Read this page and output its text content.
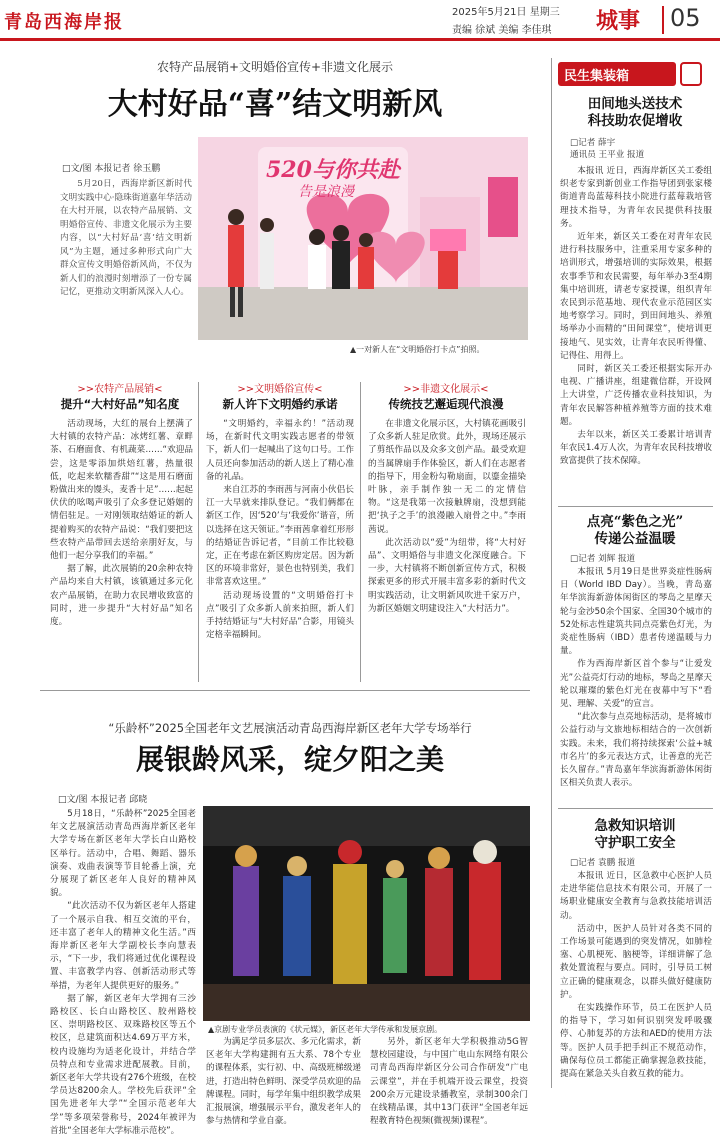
青岛西海岸报	2025年5月21日 星期三
责编 徐斌 美编 李佳琪 城事 05
农特产品展销+文明婚俗宣传+非遗文化展示
大村好品“喜”结文明新风
□文/图 本报记者 徐玉鹏

5月20日，西海岸新区新时代文明实践中心·隐珠街道嘉年华活动在大村开展，以农特产品展销、文明婚俗宣传、非遗文化展示为主要内容，以“大村好品‘喜’结文明新风”为主题，通过多种形式向广大群众宣传文明婚俗新风尚，不仅为新人们的浪漫时刻增添了一份专属记忆，更推动文明新风深入人心。

520与你共赴
告是浪漫
▲一对新人在“文明婚俗打卡点”拍照。
>>农特产品展销<
提升“大村好品”知名度

活动现场，大红的展台上摆满了大村镇的农特产品：冰烤红薯、章畔茶、石磨面食、有机蔬菜……“欢迎品尝，这是零添加烘焙红薯，热量很低，吃起来软糯香甜”“这是用石磨面粉做出来的馒头，麦香十足”……起起伏伏的吆喝声吸引了众多登记婚姻的情侣驻足。一对刚领取结婚证的新人提着购买的农特产品说：“我们要把这些农特产品带回去送给亲朋好友，与他们一起分享我们的幸福。”

据了解，此次展销的20余种农特产品均来自大村镇，该镇通过多元化农产品展销，在助力农民增收致富的同时，进一步提升“大村好品”知名度。

>>文明婚俗宣传<
新人许下文明婚约承诺

“文明婚约，幸福永约！”活动现场，在新时代文明实践志愿者的带领下，新人们一起喊出了这句口号。工作人员还向参加活动的新人送上了精心准备的礼品。

来自江苏的李雨茜与河南小伙侣长江一大早就来排队登记。“我们俩都在新区工作，因‘520’与‘我爱你’谐音，所以选择在这天领证。”李雨茜拿着红形形的结婚证告诉记者，“目前工作比较稳定，正在考虑在新区购房定居。因为新区的环境非常好，景色也特别美，我们非常喜欢这里。”

活动现场设置的“文明婚俗打卡点”吸引了众多新人前来拍照，新人们手持结婚证与“大村好品”合影，用镜头定格幸福瞬间。

>>非遗文化展示<
传统技艺邂逅现代浪漫

在非遗文化展示区，大村镇花画吸引了众多新人驻足欣赏。此外，现场还展示了剪纸作品以及众多文创产品。最受欢迎的当属牌扇手作体验区，新人们在志愿者的指导下，用金粉勾勒扇面，以鎏金描染叶脉，亲手制作独一无二的定情信物。“这是我第一次接触牌扇，没想到能把‘执子之手’的浪漫融入扇骨之中。”李雨茜说。

此次活动以“爱”为纽带，将“大村好品”、文明婚俗与非遗文化深度融合。下一步，大村镇将不断创新宣传方式，积极探索更多的形式开展丰富多彩的新时代文明实践活动，让文明新风吹进千家万户，为新区婚姻文明建设注入“大村活力”。

“乐龄杯”2025全国老年文艺展演活动青岛西海岸新区老年大学专场举行
展银龄风采，绽夕阳之美
□文/图 本报记者 邱晓

5月18日，“乐龄杯”2025全国老年文艺展演活动青岛西海岸新区老年大学专场在新区老年大学长白山路校区举行。活动中，合唱、舞蹈、器乐演奏、戏曲表演等节目轮番上演，充分展现了新区老年人良好的精神风貌。

“此次活动不仅为新区老年人搭建了一个展示自我、相互交流的平台，还丰富了老年人的精神文化生活。”西海岸新区老年大学副校长李向慧表示，“下一步，我们将通过优化课程设置、丰富教学内容、创新活动形式等举措，为老年人提供更好的服务。”

据了解，新区老年大学拥有三沙路校区、长白山路校区、胶州路校区、崇明路校区、双珠路校区等五个校区，总建筑面积达4.69万平方米，校内设施均为适老化设计，并结合学员特点和专业需求进配展教。目前，新区老年大学共设有276个班级，在校学员达8200余人。学校先后获评“全国先进老年大学”“全国示范老年大学”等多项荣誉称号，2024年被评为首批“全国老年大学标准示范校”。

▲京剧专业学员表演的《状元媒》，新区老年大学传承和发展京剧。

为满足学员多层次、多元化需求，新区老年大学构建拥有五大系、78个专业的课程体系，实行初、中、高级班梯级递进，打造出特色鲜明、深受学员欢迎的品牌课程。同时，每学年集中组织教学成果汇报展演，增强展示平台，激发老年人的参与热情和学业自豪。

另外，新区老年大学积极推动5G智慧校园建设，与中国广电山东网络有限公司青岛西海岸新区分公司合作研发“广电云课堂”，并在手机端开设云课堂，投资200余万元建设录播教室，录制300余门在线精品课，其中13门获评“全国老年远程教育特色视频(微视频)课程”。

民生集装箱
田间地头送技术
科技助农促增收
□记者 薛宇
通讯员 王平业 报道

本报讯 近日，西海岸新区关工委组织老专家到新创业工作指导团到张家楼街道青岛蓝莓科技小院进行蓝莓栽培管理技术指导，为青年农民提供科技服务。

近年来，新区关工委在对青年农民进行科技服务中，注重采用专家多种的培训形式，增强培训的实际效果，根据农事季节和农民需要，每年举办3至4期集中培训班，请老专家授课，组织青年农民到示范基地、现代农业示范园区实地考察学习。同时，到田间地头、养殖场举办小而精的“田间课堂”，使培训更接地气、见实效，让青年农民听得懂、记得住、用得上。

同时，新区关工委还根据实际开办电视、广播讲座，组建微信群，开设网上大讲堂，广泛传播农业科技知识，为青年农民解答种植养殖等方面的技术难题。

去年以来，新区关工委累计培训青年农民1.4万人次，为青年农民科技增收致富提供了技术保障。

点亮“紫色之光”
传递公益温暖
□记者 刘辉 报道

本报讯 5月19日是世界炎症性肠病日（World IBD Day）。当晚，青岛嘉年华滨海新游体闲街区的琴岛之星摩天轮与金沙50余个国家、全国30个城市的52处标志性建筑共同点亮紫色灯光，为炎症性肠病（IBD）患者传递温暖与力量。

作为西海岸新区首个参与“让爱发光”公益亮灯行动的地标，琴岛之星摩天轮以璀璨的紫色灯光在夜幕中写下“看见、理解、关爱”的宣言。

“此次参与点亮地标活动，是将城市公益行动与文旅地标相结合的一次创新实践。未来，我们将持续探索‘公益+城市名片’的多元表达方式，让善意的光芒长久留存。”青岛嘉年华滨海新游体闲街区相关负责人表示。

急救知识培训
守护职工安全
□记者 袁鹏 报道

本报讯 近日，区急救中心医护人员走进华能信息技术有限公司，开展了一场职业健康安全教育与急救技能培训活动。

活动中，医护人员针对各类不同的工作场景可能遇到的突发情况，如肺栓塞、心肌梗死、脑梗等，详细讲解了急救处置流程与要点。同时，引导员工树立正确的健康观念，以群头做好健康防护。

在实践操作环节，员工在医护人员的指导下，学习如何识别突发呼吸骤停、心肺复苏的方法和AED的使用方法等。医护人员手把手纠正不规范动作，确保每位员工都能正确掌握急救技能，提高在紧急关头自救互救的能力。
